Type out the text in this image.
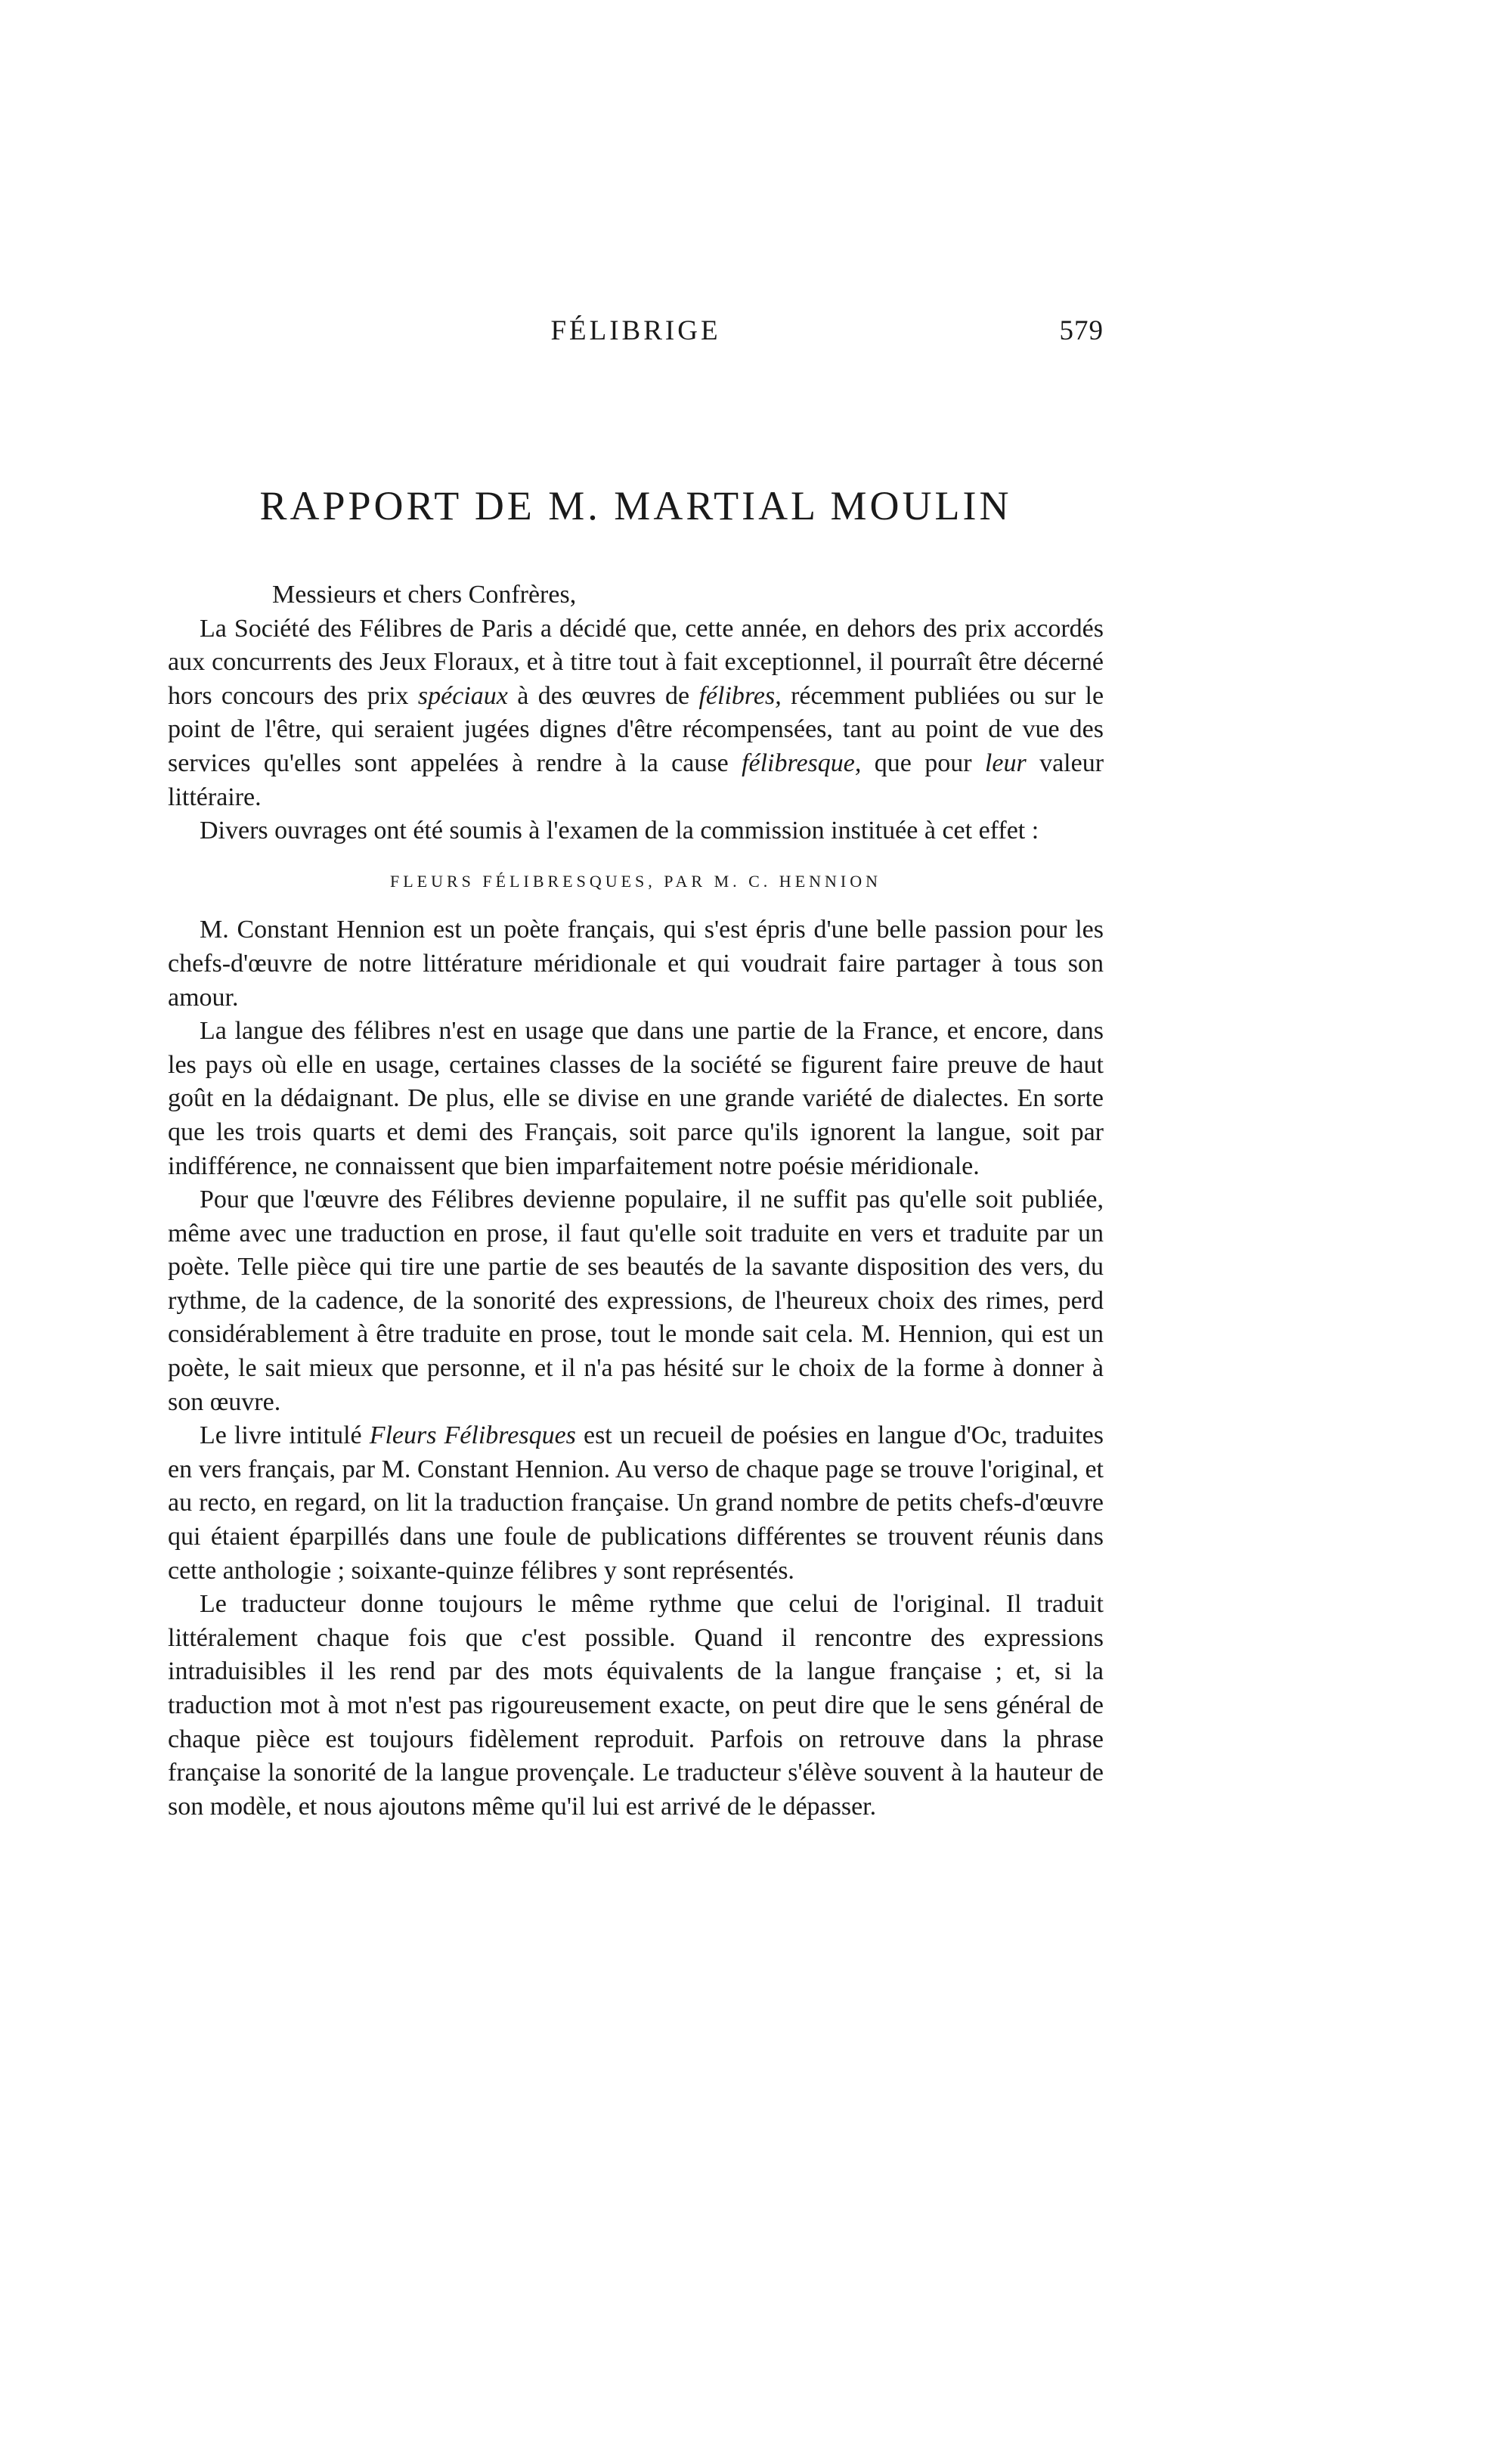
FÉLIBRIGE	579
RAPPORT DE M. MARTIAL MOULIN

Messieurs et chers Confrères,

La Société des Félibres de Paris a décidé que, cette année, en dehors des prix accordés aux concurrents des Jeux Floraux, et à titre tout à fait exceptionnel, il pourraît être décerné hors concours des prix spéciaux à des œuvres de félibres, récemment publiées ou sur le point de l'être, qui seraient jugées dignes d'être récompensées, tant au point de vue des services qu'elles sont appelées à rendre à la cause félibresque, que pour leur valeur littéraire.

Divers ouvrages ont été soumis à l'examen de la commission instituée à cet effet :

FLEURS FÉLIBRESQUES, PAR M. C. HENNION

M. Constant Hennion est un poète français, qui s'est épris d'une belle passion pour les chefs-d'œuvre de notre littérature méridionale et qui voudrait faire partager à tous son amour.

La langue des félibres n'est en usage que dans une partie de la France, et encore, dans les pays où elle en usage, certaines classes de la société se figurent faire preuve de haut goût en la dédaignant. De plus, elle se divise en une grande variété de dialectes. En sorte que les trois quarts et demi des Français, soit parce qu'ils ignorent la langue, soit par indifférence, ne connaissent que bien imparfaitement notre poésie méridionale.

Pour que l'œuvre des Félibres devienne populaire, il ne suffit pas qu'elle soit publiée, même avec une traduction en prose, il faut qu'elle soit traduite en vers et traduite par un poète. Telle pièce qui tire une partie de ses beautés de la savante disposition des vers, du rythme, de la cadence, de la sonorité des expressions, de l'heureux choix des rimes, perd considérablement à être traduite en prose, tout le monde sait cela. M. Hennion, qui est un poète, le sait mieux que personne, et il n'a pas hésité sur le choix de la forme à donner à son œuvre.

Le livre intitulé Fleurs Félibresques est un recueil de poésies en langue d'Oc, traduites en vers français, par M. Constant Hennion. Au verso de chaque page se trouve l'original, et au recto, en regard, on lit la traduction française. Un grand nombre de petits chefs-d'œuvre qui étaient éparpillés dans une foule de publications différentes se trouvent réunis dans cette anthologie ; soixante-quinze félibres y sont représentés.

Le traducteur donne toujours le même rythme que celui de l'original. Il traduit littéralement chaque fois que c'est possible. Quand il rencontre des expressions intraduisibles il les rend par des mots équivalents de la langue française ; et, si la traduction mot à mot n'est pas rigoureusement exacte, on peut dire que le sens général de chaque pièce est toujours fidèlement reproduit. Parfois on retrouve dans la phrase française la sonorité de la langue provençale. Le traducteur s'élève souvent à la hauteur de son modèle, et nous ajoutons même qu'il lui est arrivé de le dépasser.
